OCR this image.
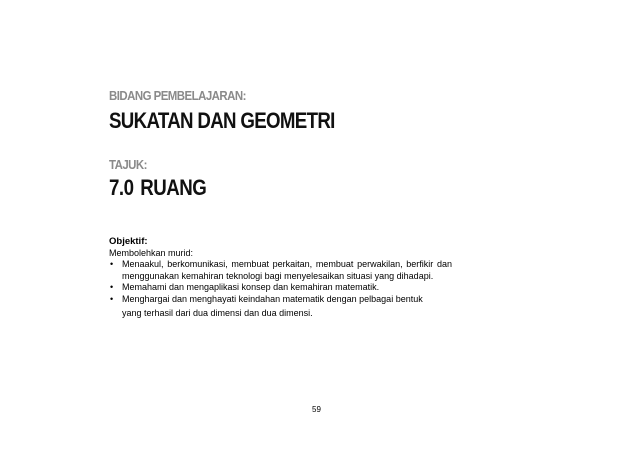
BIDANG PEMBELAJARAN:
SUKATAN DAN GEOMETRI
TAJUK:
7.0 RUANG

Objektif:

Membolehkan murid:

• Menaakul, berkomunikasi, membuat perkaitan, membuat perwakilan, berfikir dan menggunakan kemahiran teknologi bagi menyelesaikan situasi yang dihadapi.
• Memahami dan mengaplikasi konsep dan kemahiran matematik.
• Menghargai dan menghayati keindahan matematik dengan pelbagai bentuk
yang terhasil dari dua dimensi dan dua dimensi.
59
